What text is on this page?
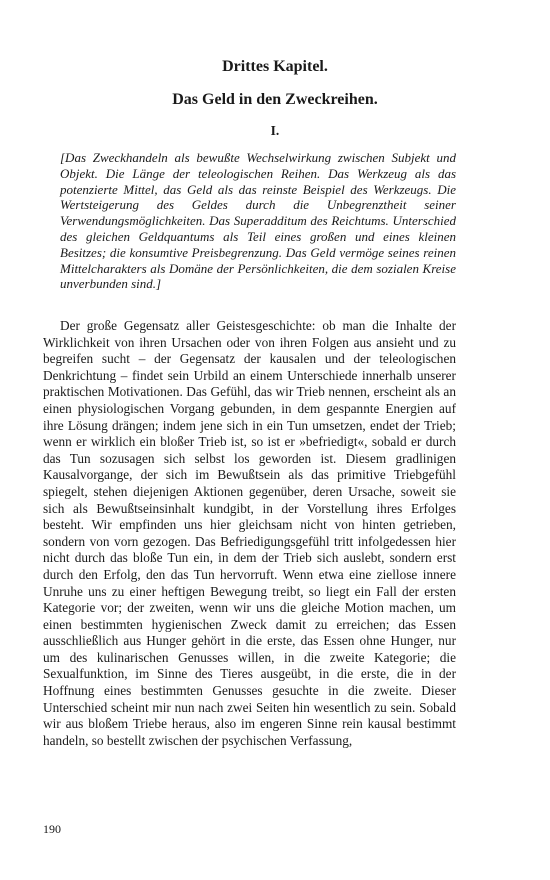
Drittes Kapitel.
Das Geld in den Zweckreihen.
I.

[Das Zweckhandeln als bewußte Wechselwirkung zwischen Subjekt und Objekt. Die Länge der teleologischen Reihen. Das Werkzeug als das potenzierte Mittel, das Geld als das reinste Beispiel des Werkzeugs. Die Wertsteigerung des Geldes durch die Unbegrenztheit seiner Verwendungsmöglichkeiten. Das Superadditum des Reichtums. Unterschied des gleichen Geldquantums als Teil eines großen und eines kleinen Besitzes; die konsumtive Preisbegrenzung. Das Geld vermöge seines reinen Mittelcharakters als Domäne der Persönlichkeiten, die dem sozialen Kreise unverbunden sind.]

Der große Gegensatz aller Geistesgeschichte: ob man die Inhalte der Wirklichkeit von ihren Ursachen oder von ihren Folgen aus ansieht und zu begreifen sucht – der Gegensatz der kausalen und der teleologischen Denkrichtung – findet sein Urbild an einem Unterschiede innerhalb unserer praktischen Motivationen. Das Gefühl, das wir Trieb nennen, erscheint als an einen physiologischen Vorgang gebunden, in dem gespannte Energien auf ihre Lösung drängen; indem jene sich in ein Tun umsetzen, endet der Trieb; wenn er wirklich ein bloßer Trieb ist, so ist er »befriedigt«, sobald er durch das Tun sozusagen sich selbst los geworden ist. Diesem gradlinigen Kausalvorgange, der sich im Bewußtsein als das primitive Triebgefühl spiegelt, stehen diejenigen Aktionen gegenüber, deren Ursache, soweit sie sich als Bewußtseinsinhalt kundgibt, in der Vorstellung ihres Erfolges besteht. Wir empfinden uns hier gleichsam nicht von hinten getrieben, sondern von vorn gezogen. Das Befriedigungsgefühl tritt infolgedessen hier nicht durch das bloße Tun ein, in dem der Trieb sich auslebt, sondern erst durch den Erfolg, den das Tun hervorruft. Wenn etwa eine ziellose innere Unruhe uns zu einer heftigen Bewegung treibt, so liegt ein Fall der ersten Kategorie vor; der zweiten, wenn wir uns die gleiche Motion machen, um einen bestimmten hygienischen Zweck damit zu erreichen; das Essen ausschließlich aus Hunger gehört in die erste, das Essen ohne Hunger, nur um des kulinarischen Genusses willen, in die zweite Kategorie; die Sexualfunktion, im Sinne des Tieres ausgeübt, in die erste, die in der Hoffnung eines bestimmten Genusses gesuchte in die zweite. Dieser Unterschied scheint mir nun nach zwei Seiten hin wesentlich zu sein. Sobald wir aus bloßem Triebe heraus, also im engeren Sinne rein kausal bestimmt handeln, so bestellt zwischen der psychischen Verfassung,

190
